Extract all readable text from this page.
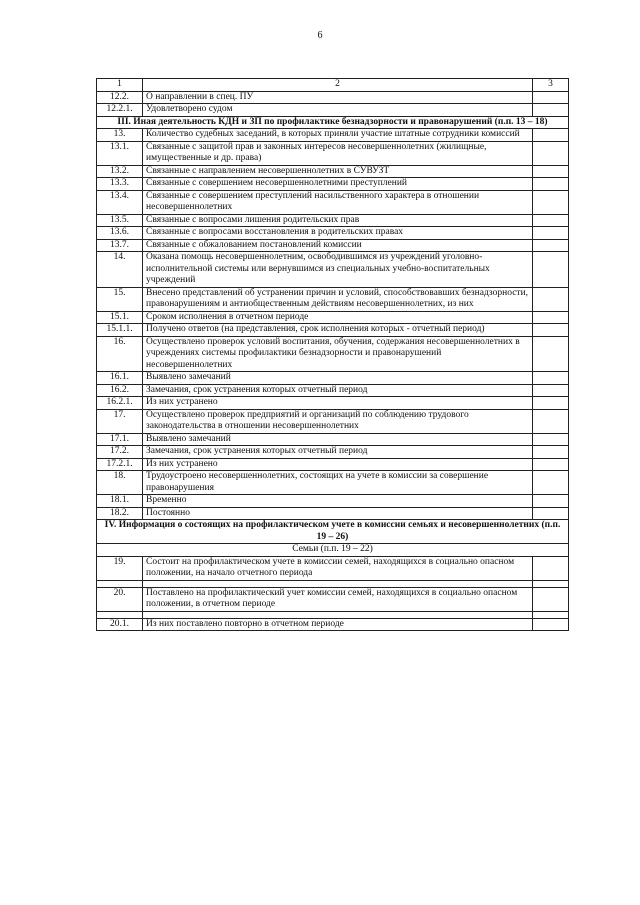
6
1	2	3
12.2.	О направлении в спец. ПУ	
12.2.1.	Удовлетворено судом	
III. Иная деятельность КДН и ЗП по профилактике безнадзорности и правонарушений (п.п. 13 – 18)		
13.	Количество судебных заседаний, в которых приняли участие штатные сотрудники комиссий	
13.1.	Связанные с защитой прав и законных интересов несовершеннолетних (жилищные, имущественные и др. права)	
13.2.	Связанные с направлением несовершеннолетних в СУВУЗТ	
13.3.	Связанные с совершением несовершеннолетними преступлений	
13.4.	Связанные с совершением преступлений насильственного характера в отношении несовершеннолетних	
13.5.	Связанные с вопросами лишения родительских прав	
13.6.	Связанные с вопросами восстановления в родительских правах	
13.7.	Связанные с обжалованием постановлений комиссии	
14.	Оказана помощь несовершеннолетним, освободившимся из учреждений уголовно-исполнительной системы или вернувшимся из специальных учебно-воспитательных учреждений	
15.	Внесено представлений об устранении причин и условий, способствовавших безнадзорности, правонарушениям и антиобщественным действиям несовершеннолетних, из них	
15.1.	Сроком исполнения в отчетном периоде	
15.1.1.	Получено ответов (на представления, срок исполнения которых - отчетный период)	
16.	Осуществлено проверок условий воспитания, обучения, содержания несовершеннолетних в учреждениях системы профилактики безнадзорности и правонарушений несовершеннолетних	
16.1.	Выявлено замечаний	
16.2.	Замечания, срок устранения которых отчетный период	
16.2.1.	Из них устранено	
17.	Осуществлено проверок предприятий и организаций по соблюдению трудового законодательства в отношении несовершеннолетних	
17.1.	Выявлено замечаний	
17.2.	Замечания, срок устранения которых отчетный период	
17.2.1.	Из них устранено	
18.	Трудоустроено несовершеннолетних, состоящих на учете в комиссии за совершение правонарушения	
18.1.	Временно	
18.2.	Постоянно	
IV. Информация о состоящих на профилактическом учете в комиссии семьях и несовершеннолетних (п.п. 19 – 26)		
Семьи (п.п. 19 – 22)		
19.	Состоит на профилактическом учете в комиссии семей, находящихся в социально опасном положении, на начало отчетного периода	

20.	Поставлено на профилактический учет комиссии семей, находящихся в социально опасном положении, в отчетном периоде	

20.1.	Из них поставлено повторно в отчетном периоде	
